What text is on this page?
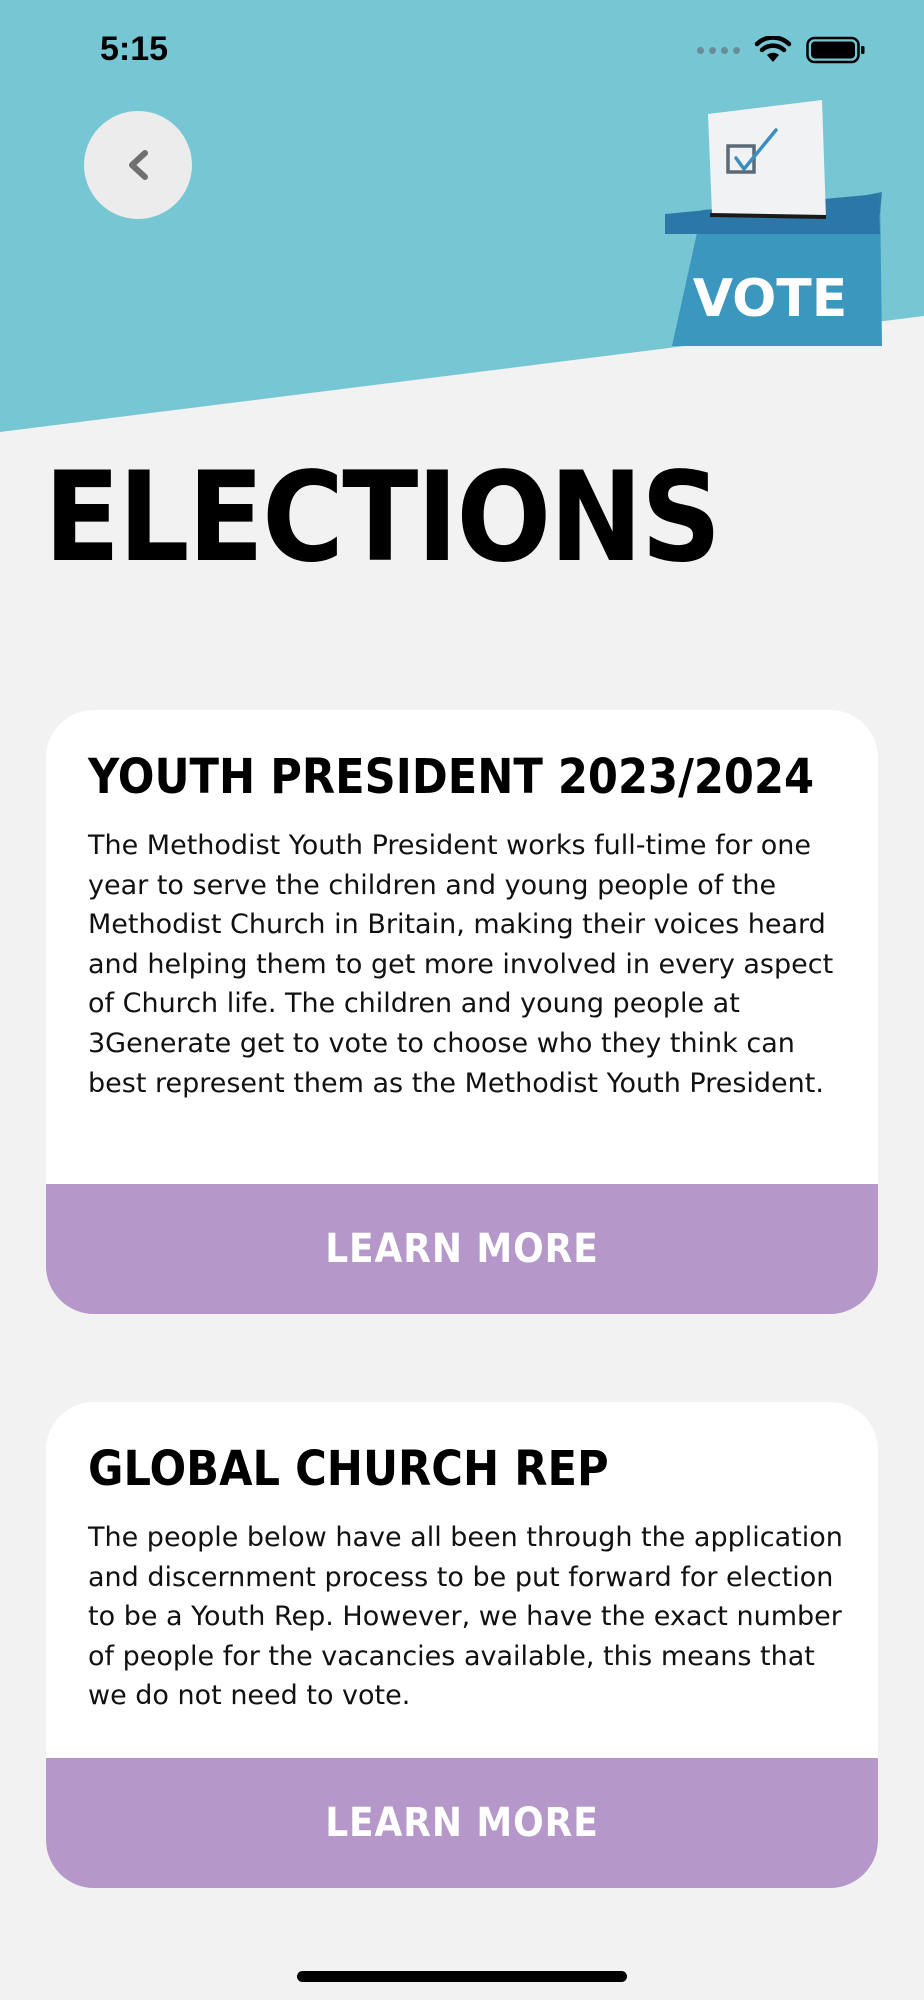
5:15
VOTE
ELECTIONS
YOUTH PRESIDENT 2023/2024
The Methodist Youth President works full-time for one year to serve the children and young people of the Methodist Church in Britain, making their voices heard and helping them to get more involved in every aspect of Church life. The children and young people at 3Generate get to vote to choose who they think can best represent them as the Methodist Youth President.
LEARN MORE
GLOBAL CHURCH REP
The people below have all been through the application and discernment process to be put forward for election to be a Youth Rep. However, we have the exact number of people for the vacancies available, this means that we do not need to vote.
LEARN MORE
